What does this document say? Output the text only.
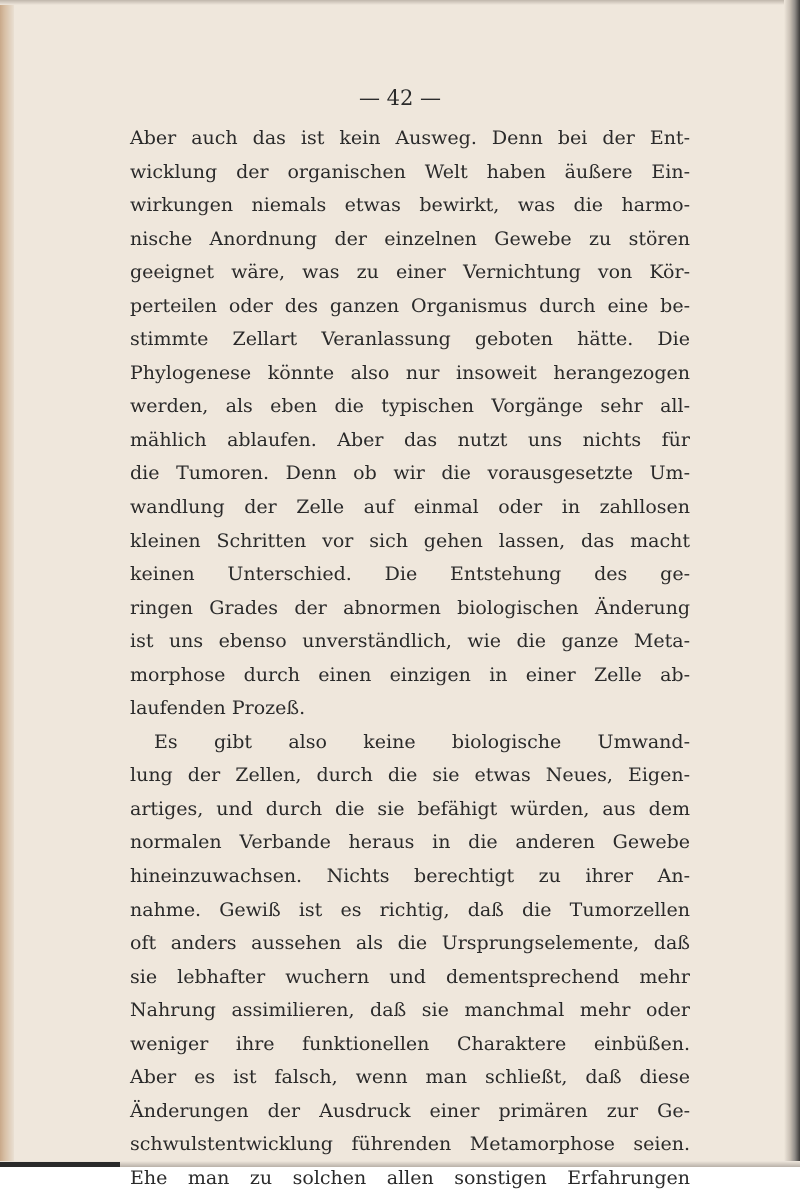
— 42 —

Aber auch das ist kein Ausweg. Denn bei der Ent-
wicklung der organischen Welt haben äußere Ein-
wirkungen niemals etwas bewirkt, was die harmo-
nische Anordnung der einzelnen Gewebe zu stören
geeignet wäre, was zu einer Vernichtung von Kör-
perteilen oder des ganzen Organismus durch eine be-
stimmte Zellart Veranlassung geboten hätte. Die
Phylogenese könnte also nur insoweit herangezogen
werden, als eben die typischen Vorgänge sehr all-
mählich ablaufen. Aber das nutzt uns nichts für
die Tumoren. Denn ob wir die vorausgesetzte Um-
wandlung der Zelle auf einmal oder in zahllosen
kleinen Schritten vor sich gehen lassen, das macht
keinen Unterschied. Die Entstehung des ge-
ringen Grades der abnormen biologischen Änderung
ist uns ebenso unverständlich, wie die ganze Meta-
morphose durch einen einzigen in einer Zelle ab-
laufenden Prozeß.
Es gibt also keine biologische Umwand-
lung der Zellen, durch die sie etwas Neues, Eigen-
artiges, und durch die sie befähigt würden, aus dem
normalen Verbande heraus in die anderen Gewebe
hineinzuwachsen. Nichts berechtigt zu ihrer An-
nahme. Gewiß ist es richtig, daß die Tumorzellen
oft anders aussehen als die Ursprungselemente, daß
sie lebhafter wuchern und dementsprechend mehr
Nahrung assimilieren, daß sie manchmal mehr oder
weniger ihre funktionellen Charaktere einbüßen.
Aber es ist falsch, wenn man schließt, daß diese
Änderungen der Ausdruck einer primären zur Ge-
schwulstentwicklung führenden Metamorphose seien.
Ehe man zu solchen allen sonstigen Erfahrungen
